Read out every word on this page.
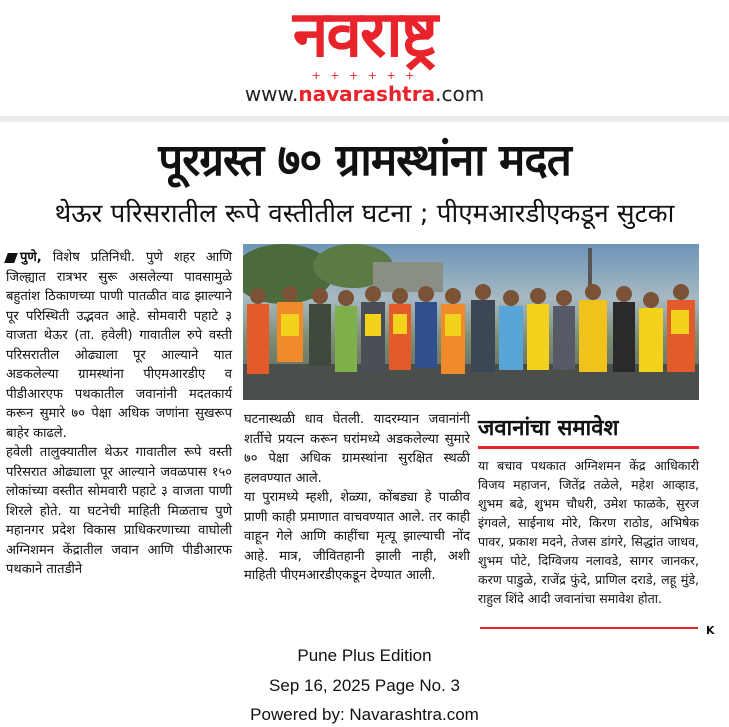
नवराष्ट्र
+ + + + + +
www.navarashtra.com
पूरग्रस्त ७० ग्रामस्थांना मदत
थेऊर परिसरातील रूपे वस्तीतील घटना ; पीएमआरडीएकडून सुटका

पुणे, विशेष प्रतिनिधी. पुणे शहर आणि जिल्ह्यात रात्रभर सुरू असलेल्या पावसामुळे बहुतांश ठिकाणच्या पाणी पातळीत वाढ झाल्याने पूर परिस्थिती उद्भवत आहे. सोमवारी पहाटे ३ वाजता थेऊर (ता. हवेली) गावातील रुपे वस्ती परिसरातील ओढ्याला पूर आल्याने यात अडकलेल्या ग्रामस्थांना पीएमआरडीए व पीडीआरएफ पथकातील जवानांनी मदतकार्य करून सुमारे ७० पेक्षा अधिक जणांना सुखरूप बाहेर काढले.

हवेली तालुक्यातील थेऊर गावातील रूपे वस्ती परिसरात ओढ्याला पूर आल्याने जवळपास १५० लोकांच्या वस्तीत सोमवारी पहाटे ३ वाजता पाणी शिरले होते. या घटनेची माहिती मिळताच पुणे महानगर प्रदेश विकास प्राधिकरणाच्या वाघोली अग्निशमन केंद्रातील जवान आणि पीडीआरफ पथकाने तातडीने

घटनास्थळी धाव घेतली. यादरम्यान जवानांनी शर्तीचे प्रयत्न करून घरांमध्ये अडकलेल्या सुमारे ७० पेक्षा अधिक ग्रामस्थांना सुरक्षित स्थळी हलवण्यात आले.

या पुरामध्ये म्हशी, शेळ्या, कोंबड्या हे पाळीव प्राणी काही प्रमाणात वाचवण्यात आले. तर काही वाहून गेले आणि काहींचा मृत्यू झाल्याची नोंद आहे. मात्र, जीवितहानी झाली नाही, अशी माहिती पीएमआरडीएकडून देण्यात आली.

जवानांचा समावेश
या बचाव पथकात अग्निशमन केंद्र आधिकारी विजय महाजन, जितेंद्र तळेले, महेश आव्हाड, शुभम बढे, शुभम चौधरी, उमेश फाळके, सुरज इंगवले, साईनाथ मोरे, किरण राठोड, अभिषेक पावर, प्रकाश मदने, तेजस डांगरे, सिद्धांत जाधव, शुभम पोटे, दिग्विजय नलावडे, सागर जानकर, करण पाडुळे, राजेंद्र फुंदे, प्राणिल दराडे, लहू मुंडे, राहुल शिंदे आदी जवानांचा समावेश होता.
K
Pune Plus Edition
Sep 16, 2025 Page No. 3
Powered by: Navarashtra.com
